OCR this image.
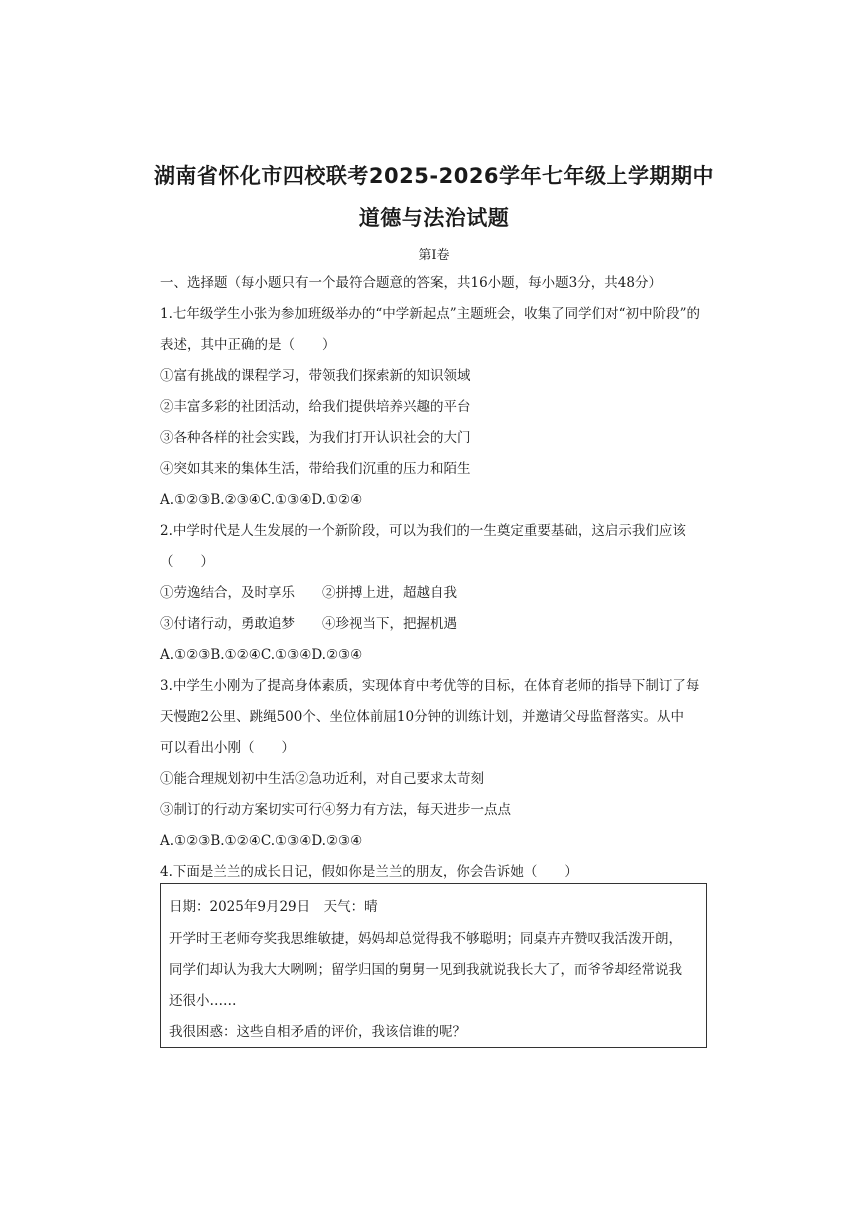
湖南省怀化市四校联考2025-2026学年七年级上学期期中
道德与法治试题
第Ⅰ卷
一、选择题（每小题只有一个最符合题意的答案，共16小题，每小题3分，共48分）
1.七年级学生小张为参加班级举办的“中学新起点”主题班会，收集了同学们对“初中阶段”的
表述，其中正确的是（　　）
①富有挑战的课程学习，带领我们探索新的知识领域
②丰富多彩的社团活动，给我们提供培养兴趣的平台
③各种各样的社会实践，为我们打开认识社会的大门
④突如其来的集体生活，带给我们沉重的压力和陌生
A.①②③B.②③④C.①③④D.①②④
2.中学时代是人生发展的一个新阶段，可以为我们的一生奠定重要基础，这启示我们应该
（　　）
①劳逸结合，及时享乐　　②拼搏上进，超越自我
③付诸行动，勇敢追梦　　④珍视当下，把握机遇
A.①②③B.①②④C.①③④D.②③④
3.中学生小刚为了提高身体素质，实现体育中考优等的目标，在体育老师的指导下制订了每
天慢跑2公里、跳绳500个、坐位体前屈10分钟的训练计划，并邀请父母监督落实。从中
可以看出小刚（　　）
①能合理规划初中生活②急功近利，对自己要求太苛刻
③制订的行动方案切实可行④努力有方法，每天进步一点点
A.①②③B.①②④C.①③④D.②③④
4.下面是兰兰的成长日记，假如你是兰兰的朋友，你会告诉她（　　）
日期：2025年9月29日　天气：晴
开学时王老师夸奖我思维敏捷，妈妈却总觉得我不够聪明；同桌卉卉赞叹我活泼开朗，
同学们却认为我大大咧咧；留学归国的舅舅一见到我就说我长大了，而爷爷却经常说我
还很小……
我很困惑：这些自相矛盾的评价，我该信谁的呢？
